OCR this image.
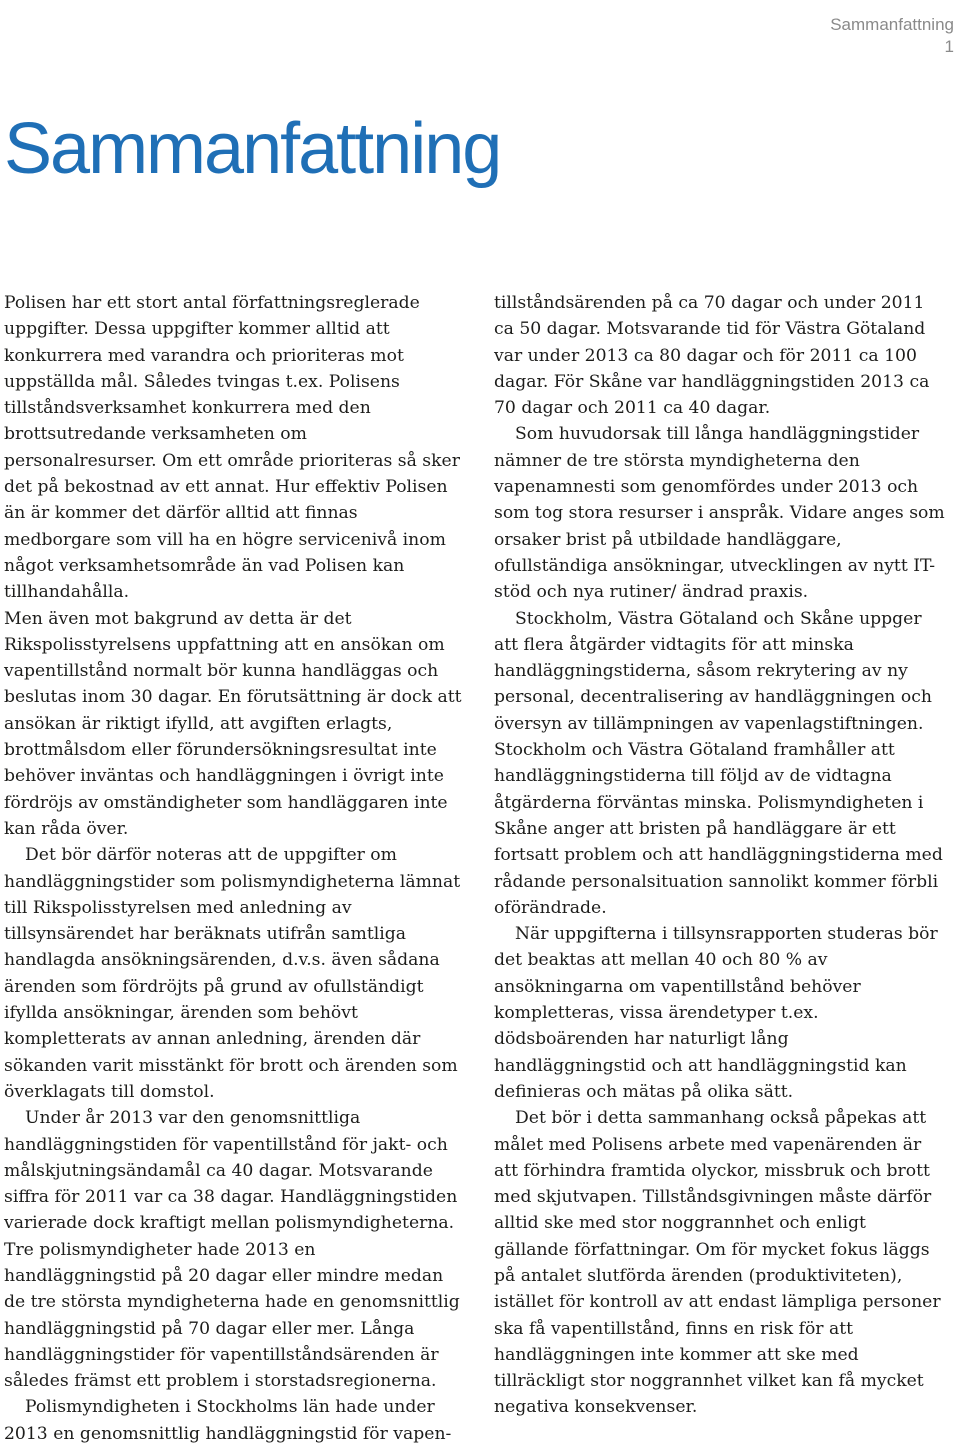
Sammanfattning
1
Sammanfattning

Polisen har ett stort antal författningsreglerade uppgifter. Dessa uppgifter kommer alltid att konkurrera med varandra och prioriteras mot uppställda mål. Således tvingas t.ex. Polisens tillståndsverksamhet konkurrera med den brottsutredande verksamheten om personalresurser. Om ett område prioriteras så sker det på bekostnad av ett annat. Hur effektiv Polisen än är kommer det därför alltid att finnas medborgare som vill ha en högre servicenivå inom något verksamhetsområde än vad Polisen kan tillhandahålla.

Men även mot bakgrund av detta är det Rikspolisstyrelsens uppfattning att en ansökan om vapentillstånd normalt bör kunna handläggas och beslutas inom 30 dagar. En förutsättning är dock att ansökan är riktigt ifylld, att avgiften erlagts, brottmålsdom eller förundersökningsresultat inte behöver inväntas och handläggningen i övrigt inte fördröjs av omständigheter som handläggaren inte kan råda över.

Det bör därför noteras att de uppgifter om handläggningstider som polismyndigheterna lämnat till Rikspolisstyrelsen med anledning av tillsynsärendet har beräknats utifrån samtliga handlagda ansökningsärenden, d.v.s. även sådana ärenden som fördröjts på grund av ofullständigt ifyllda ansökningar, ärenden som behövt kompletterats av annan anledning, ärenden där sökanden varit misstänkt för brott och ärenden som överklagats till domstol.

Under år 2013 var den genomsnittliga handläggningstiden för vapentillstånd för jakt- och målskjutningsändamål ca 40 dagar. Motsvarande siffra för 2011 var ca 38 dagar. Handläggningstiden varierade dock kraftigt mellan polismyndigheterna. Tre polismyndigheter hade 2013 en handläggningstid på 20 dagar eller mindre medan de tre största myndigheterna hade en genomsnittlig handläggningstid på 70 dagar eller mer. Långa handläggningstider för vapentillståndsärenden är således främst ett problem i storstadsregionerna.

Polismyndigheten i Stockholms län hade under 2013 en genomsnittlig handläggningstid för vapen-

tillståndsärenden på ca 70 dagar och under 2011 ca 50 dagar. Motsvarande tid för Västra Götaland var under 2013 ca 80 dagar och för 2011 ca 100 dagar. För Skåne var handläggningstiden 2013 ca 70 dagar och 2011 ca 40 dagar.

Som huvudorsak till långa handläggningstider nämner de tre största myndigheterna den vapenamnesti som genomfördes under 2013 och som tog stora resurser i anspråk. Vidare anges som orsaker brist på utbildade handläggare, ofullständiga ansökningar, utvecklingen av nytt IT-stöd och nya rutiner/ ändrad praxis.

Stockholm, Västra Götaland och Skåne uppger att flera åtgärder vidtagits för att minska handläggningstiderna, såsom rekrytering av ny personal, decentralisering av handläggningen och översyn av tillämpningen av vapenlagstiftningen. Stockholm och Västra Götaland framhåller att handläggningstiderna till följd av de vidtagna åtgärderna förväntas minska. Polismyndigheten i Skåne anger att bristen på handläggare är ett fortsatt problem och att handläggningstiderna med rådande personalsituation sannolikt kommer förbli oförändrade.

När uppgifterna i tillsynsrapporten studeras bör det beaktas att mellan 40 och 80 % av ansökningarna om vapentillstånd behöver kompletteras, vissa ärendetyper t.ex. dödsboärenden har naturligt lång handläggningstid och att handläggningstid kan definieras och mätas på olika sätt.

Det bör i detta sammanhang också påpekas att målet med Polisens arbete med vapenärenden är att förhindra framtida olyckor, missbruk och brott med skjutvapen. Tillståndsgivningen måste därför alltid ske med stor noggrannhet och enligt gällande författningar. Om för mycket fokus läggs på antalet slutförda ärenden (produktiviteten), istället för kontroll av att endast lämpliga personer ska få vapentillstånd, finns en risk för att handläggningen inte kommer att ske med tillräckligt stor noggrannhet vilket kan få mycket negativa konsekvenser.
